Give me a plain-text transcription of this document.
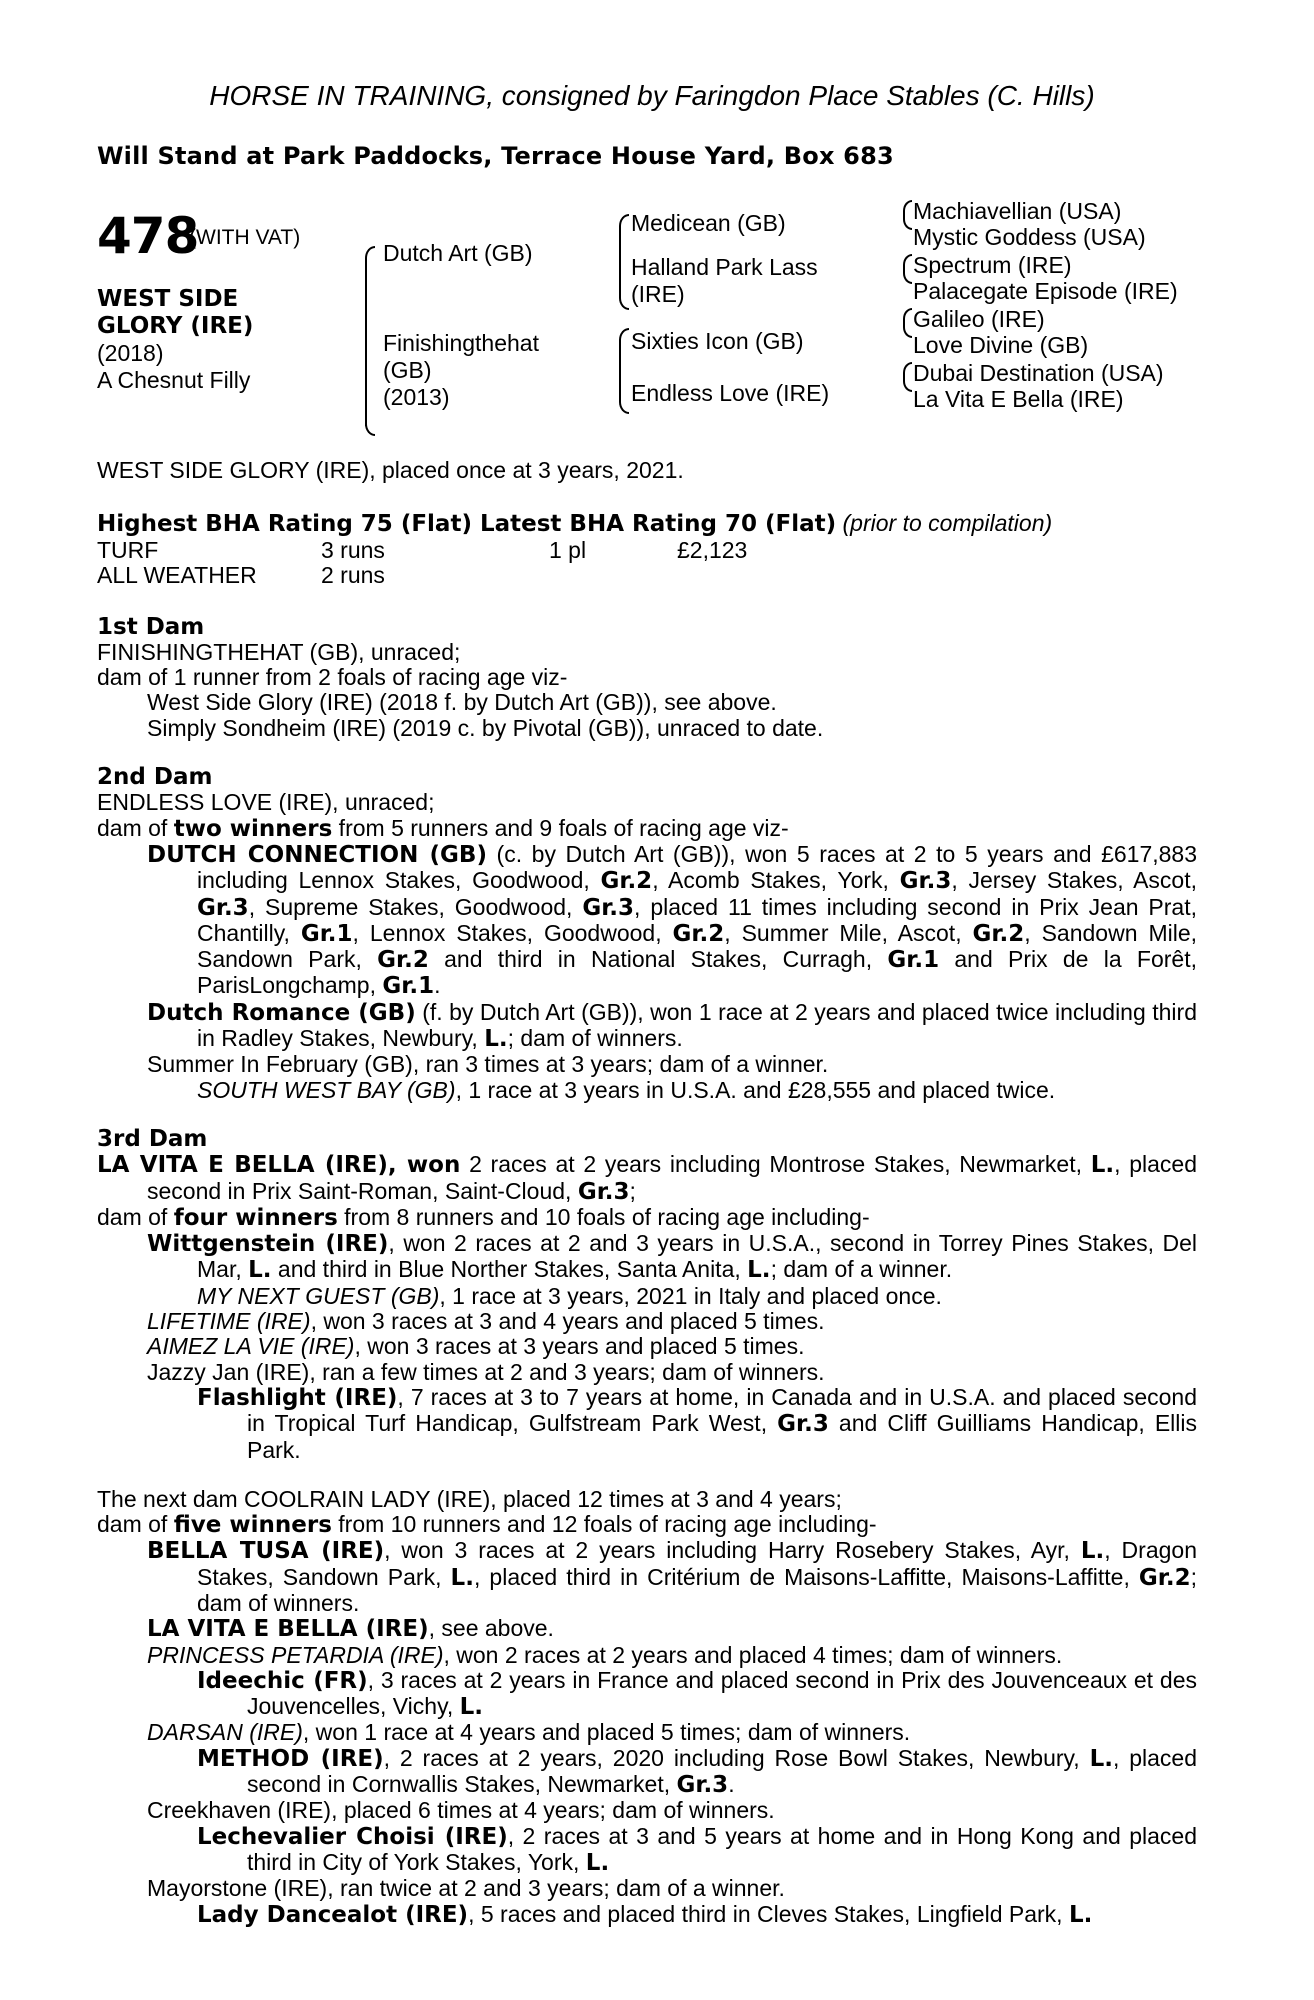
HORSE IN TRAINING, consigned by Faringdon Place Stables (C. Hills)
Will Stand at Park Paddocks, Terrace House Yard, Box 683
478
(WITH VAT)
WEST SIDE
GLORY (IRE)
(2018)
A Chesnut Filly
Dutch Art (GB)
Finishingthehat
(GB)
(2013)
Medicean (GB)
Halland Park Lass
(IRE)
Sixties Icon (GB)
Endless Love (IRE)
Machiavellian (USA)
Mystic Goddess (USA)
Spectrum (IRE)
Palacegate Episode (IRE)
Galileo (IRE)
Love Divine (GB)
Dubai Destination (USA)
La Vita E Bella (IRE)

WEST SIDE GLORY (IRE), placed once at 3 years, 2021.

Highest BHA Rating 75 (Flat) Latest BHA Rating 70 (Flat) (prior to compilation)

TURF	3 runs	1 pl	£2,123
ALL WEATHER	2 runs

1st Dam

FINISHINGTHEHAT (GB), unraced;

dam of 1 runner from 2 foals of racing age viz-

West Side Glory (IRE) (2018 f. by Dutch Art (GB)), see above.

Simply Sondheim (IRE) (2019 c. by Pivotal (GB)), unraced to date.

2nd Dam

ENDLESS LOVE (IRE), unraced;

dam of two winners from 5 runners and 9 foals of racing age viz-

DUTCH CONNECTION (GB) (c. by Dutch Art (GB)), won 5 races at 2 to 5 years and £617,883 including Lennox Stakes, Goodwood, Gr.2, Acomb Stakes, York, Gr.3, Jersey Stakes, Ascot, Gr.3, Supreme Stakes, Goodwood, Gr.3, placed 11 times including second in Prix Jean Prat, Chantilly, Gr.1, Lennox Stakes, Goodwood, Gr.2, Summer Mile, Ascot, Gr.2, Sandown Mile, Sandown Park, Gr.2 and third in National Stakes, Curragh, Gr.1 and Prix de la Forêt, ParisLongchamp, Gr.1.

Dutch Romance (GB) (f. by Dutch Art (GB)), won 1 race at 2 years and placed twice including third in Radley Stakes, Newbury, L.; dam of winners.

Summer In February (GB), ran 3 times at 3 years; dam of a winner.

SOUTH WEST BAY (GB), 1 race at 3 years in U.S.A. and £28,555 and placed twice.

3rd Dam

LA VITA E BELLA (IRE), won 2 races at 2 years including Montrose Stakes, Newmarket, L., placed second in Prix Saint-Roman, Saint-Cloud, Gr.3;

dam of four winners from 8 runners and 10 foals of racing age including-

Wittgenstein (IRE), won 2 races at 2 and 3 years in U.S.A., second in Torrey Pines Stakes, Del Mar, L. and third in Blue Norther Stakes, Santa Anita, L.; dam of a winner.

MY NEXT GUEST (GB), 1 race at 3 years, 2021 in Italy and placed once.

LIFETIME (IRE), won 3 races at 3 and 4 years and placed 5 times.

AIMEZ LA VIE (IRE), won 3 races at 3 years and placed 5 times.

Jazzy Jan (IRE), ran a few times at 2 and 3 years; dam of winners.

Flashlight (IRE), 7 races at 3 to 7 years at home, in Canada and in U.S.A. and placed second in Tropical Turf Handicap, Gulfstream Park West, Gr.3 and Cliff Guilliams Handicap, Ellis Park.

The next dam COOLRAIN LADY (IRE), placed 12 times at 3 and 4 years;

dam of five winners from 10 runners and 12 foals of racing age including-

BELLA TUSA (IRE), won 3 races at 2 years including Harry Rosebery Stakes, Ayr, L., Dragon Stakes, Sandown Park, L., placed third in Critérium de Maisons-Laffitte, Maisons-Laffitte, Gr.2; dam of winners.

LA VITA E BELLA (IRE), see above.

PRINCESS PETARDIA (IRE), won 2 races at 2 years and placed 4 times; dam of winners.

Ideechic (FR), 3 races at 2 years in France and placed second in Prix des Jouvenceaux et des Jouvencelles, Vichy, L.

DARSAN (IRE), won 1 race at 4 years and placed 5 times; dam of winners.

METHOD (IRE), 2 races at 2 years, 2020 including Rose Bowl Stakes, Newbury, L., placed second in Cornwallis Stakes, Newmarket, Gr.3.

Creekhaven (IRE), placed 6 times at 4 years; dam of winners.

Lechevalier Choisi (IRE), 2 races at 3 and 5 years at home and in Hong Kong and placed third in City of York Stakes, York, L.

Mayorstone (IRE), ran twice at 2 and 3 years; dam of a winner.

Lady Dancealot (IRE), 5 races and placed third in Cleves Stakes, Lingfield Park, L.
